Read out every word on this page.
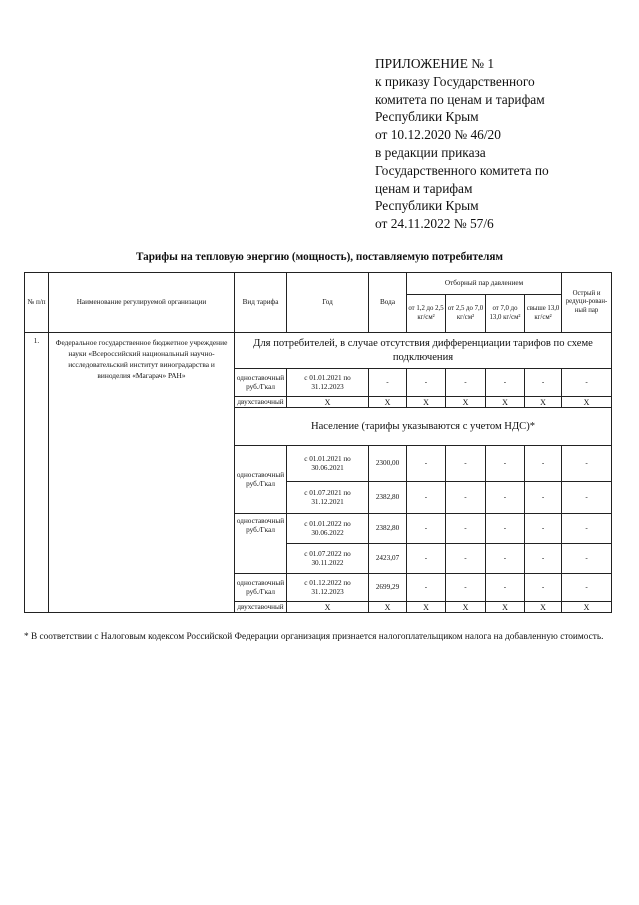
ПРИЛОЖЕНИЕ № 1
к приказу Государственного
комитета по ценам и тарифам
Республики Крым
от 10.12.2020 № 46/20
в редакции приказа
Государственного комитета по
ценам и тарифам
Республики Крым
от 24.11.2022 № 57/6
Тарифы на тепловую энергию (мощность), поставляемую потребителям
№ п/п	Наименование регулируемой организации	Вид тарифа	Год	Вода	Отборный пар давлением				Острый и редуци-рован-ный пар
					от 1,2 до 2,5 кг/см²	от 2,5 до 7,0 кг/см²	от 7,0 до 13,0 кг/см²	свыше 13,0 кг/см²	
1.	Федеральное государственное бюджетное учреждение науки «Всероссийский национальный научно-исследовательский институт виноградарства и виноделия «Магарач» РАН»	Для потребителей, в случае отсутствия дифференциации тарифов по схеме подключения							
		одноставочный руб./Гкал	с 01.01.2021 по 31.12.2023	-	-	-	-	-	-
		двухставочный	X	X	X	X	X	X	X
		Население (тарифы указываются с учетом НДС)*							
		одноставочный руб./Гкал	с 01.01.2021 по 30.06.2021	2300,00	-	-	-	-	-
			с 01.07.2021 по 31.12.2021	2382,80	-	-	-	-	-
		одноставочный руб./Гкал	с 01.01.2022 по 30.06.2022	2382,80	-	-	-	-	-
			с 01.07.2022 по 30.11.2022	2423,07	-	-	-	-	-
		одноставочный руб./Гкал	с 01.12.2022 по 31.12.2023	2699,29	-	-	-	-	-
		двухставочный	X	X	X	X	X	X	X
* В соответствии с Налоговым кодексом Российской Федерации организация признается налогоплательщиком налога на добавленную стоимость.
